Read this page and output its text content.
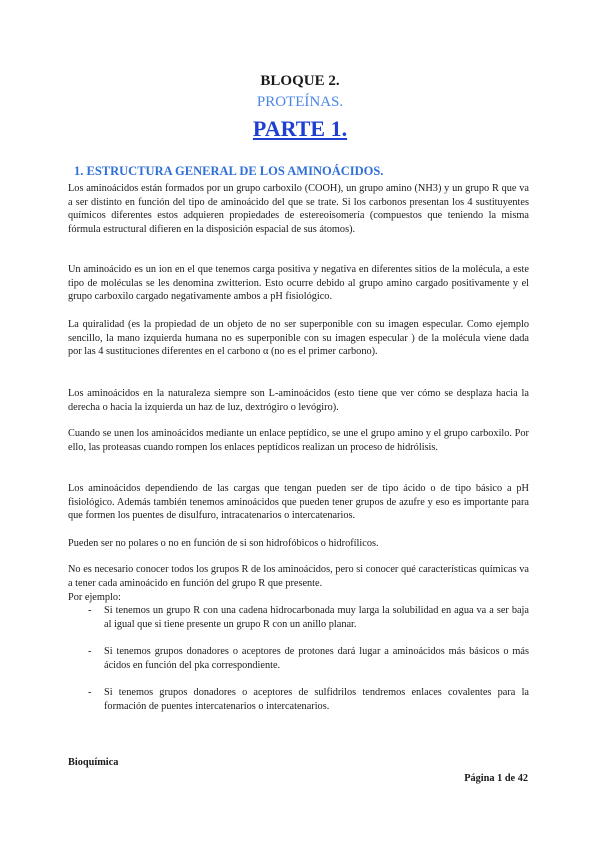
BLOQUE 2.
PROTEÍNAS.
PARTE 1.
1. ESTRUCTURA GENERAL DE LOS AMINOÁCIDOS.

Los aminoácidos están formados por un grupo carboxilo (COOH), un grupo amino (NH3) y un grupo R que va a ser distinto en función del tipo de aminoácido del que se trate. Si los carbonos presentan los 4 sustituyentes químicos diferentes estos adquieren propiedades de estereoisomería (compuestos que teniendo la misma fórmula estructural difieren en la disposición espacial de sus átomos).

Un aminoácido es un ion en el que tenemos carga positiva y negativa en diferentes sitios de la molécula, a este tipo de moléculas se les denomina zwitterion. Esto ocurre debido al grupo amino cargado positivamente y el grupo carboxilo cargado negativamente ambos a pH fisiológico.

La quiralidad (es la propiedad de un objeto de no ser superponible con su imagen especular. Como ejemplo sencillo, la mano izquierda humana no es superponible con su imagen especular ) de la molécula viene dada por las 4 sustituciones diferentes en el carbono α (no es el primer carbono).

Los aminoácidos en la naturaleza siempre son L-aminoácidos (esto tiene que ver cómo se desplaza hacia la derecha o hacia la izquierda un haz de luz, dextrógiro o levógiro).

Cuando se unen los aminoácidos mediante un enlace peptídico, se une el grupo amino y el grupo carboxilo. Por ello, las proteasas cuando rompen los enlaces peptídicos realizan un proceso de hidrólisis.

Los aminoácidos dependiendo de las cargas que tengan pueden ser de tipo ácido o de tipo básico a pH fisiológico. Además también tenemos aminoácidos que pueden tener grupos de azufre y eso es importante para que formen los puentes de disulfuro, intracatenarios o intercatenarios.

Pueden ser no polares o no en función de si son hidrofóbicos o hidrofílicos.

No es necesario conocer todos los grupos R de los aminoácidos, pero si conocer qué características químicas va a tener cada aminoácido en función del grupo R que presente.

Por ejemplo:

-	Si tenemos un grupo R con una cadena hidrocarbonada muy larga la solubilidad en agua va a ser baja al igual que si tiene presente un grupo R con un anillo planar.
-	Si tenemos grupos donadores o aceptores de protones dará lugar a aminoácidos más básicos o más ácidos en función del pka correspondiente.
-	Si tenemos grupos donadores o aceptores de sulfidrilos tendremos enlaces covalentes para la formación de puentes intercatenarios o intercatenarios.
Bioquímica
Página 1 de 42
